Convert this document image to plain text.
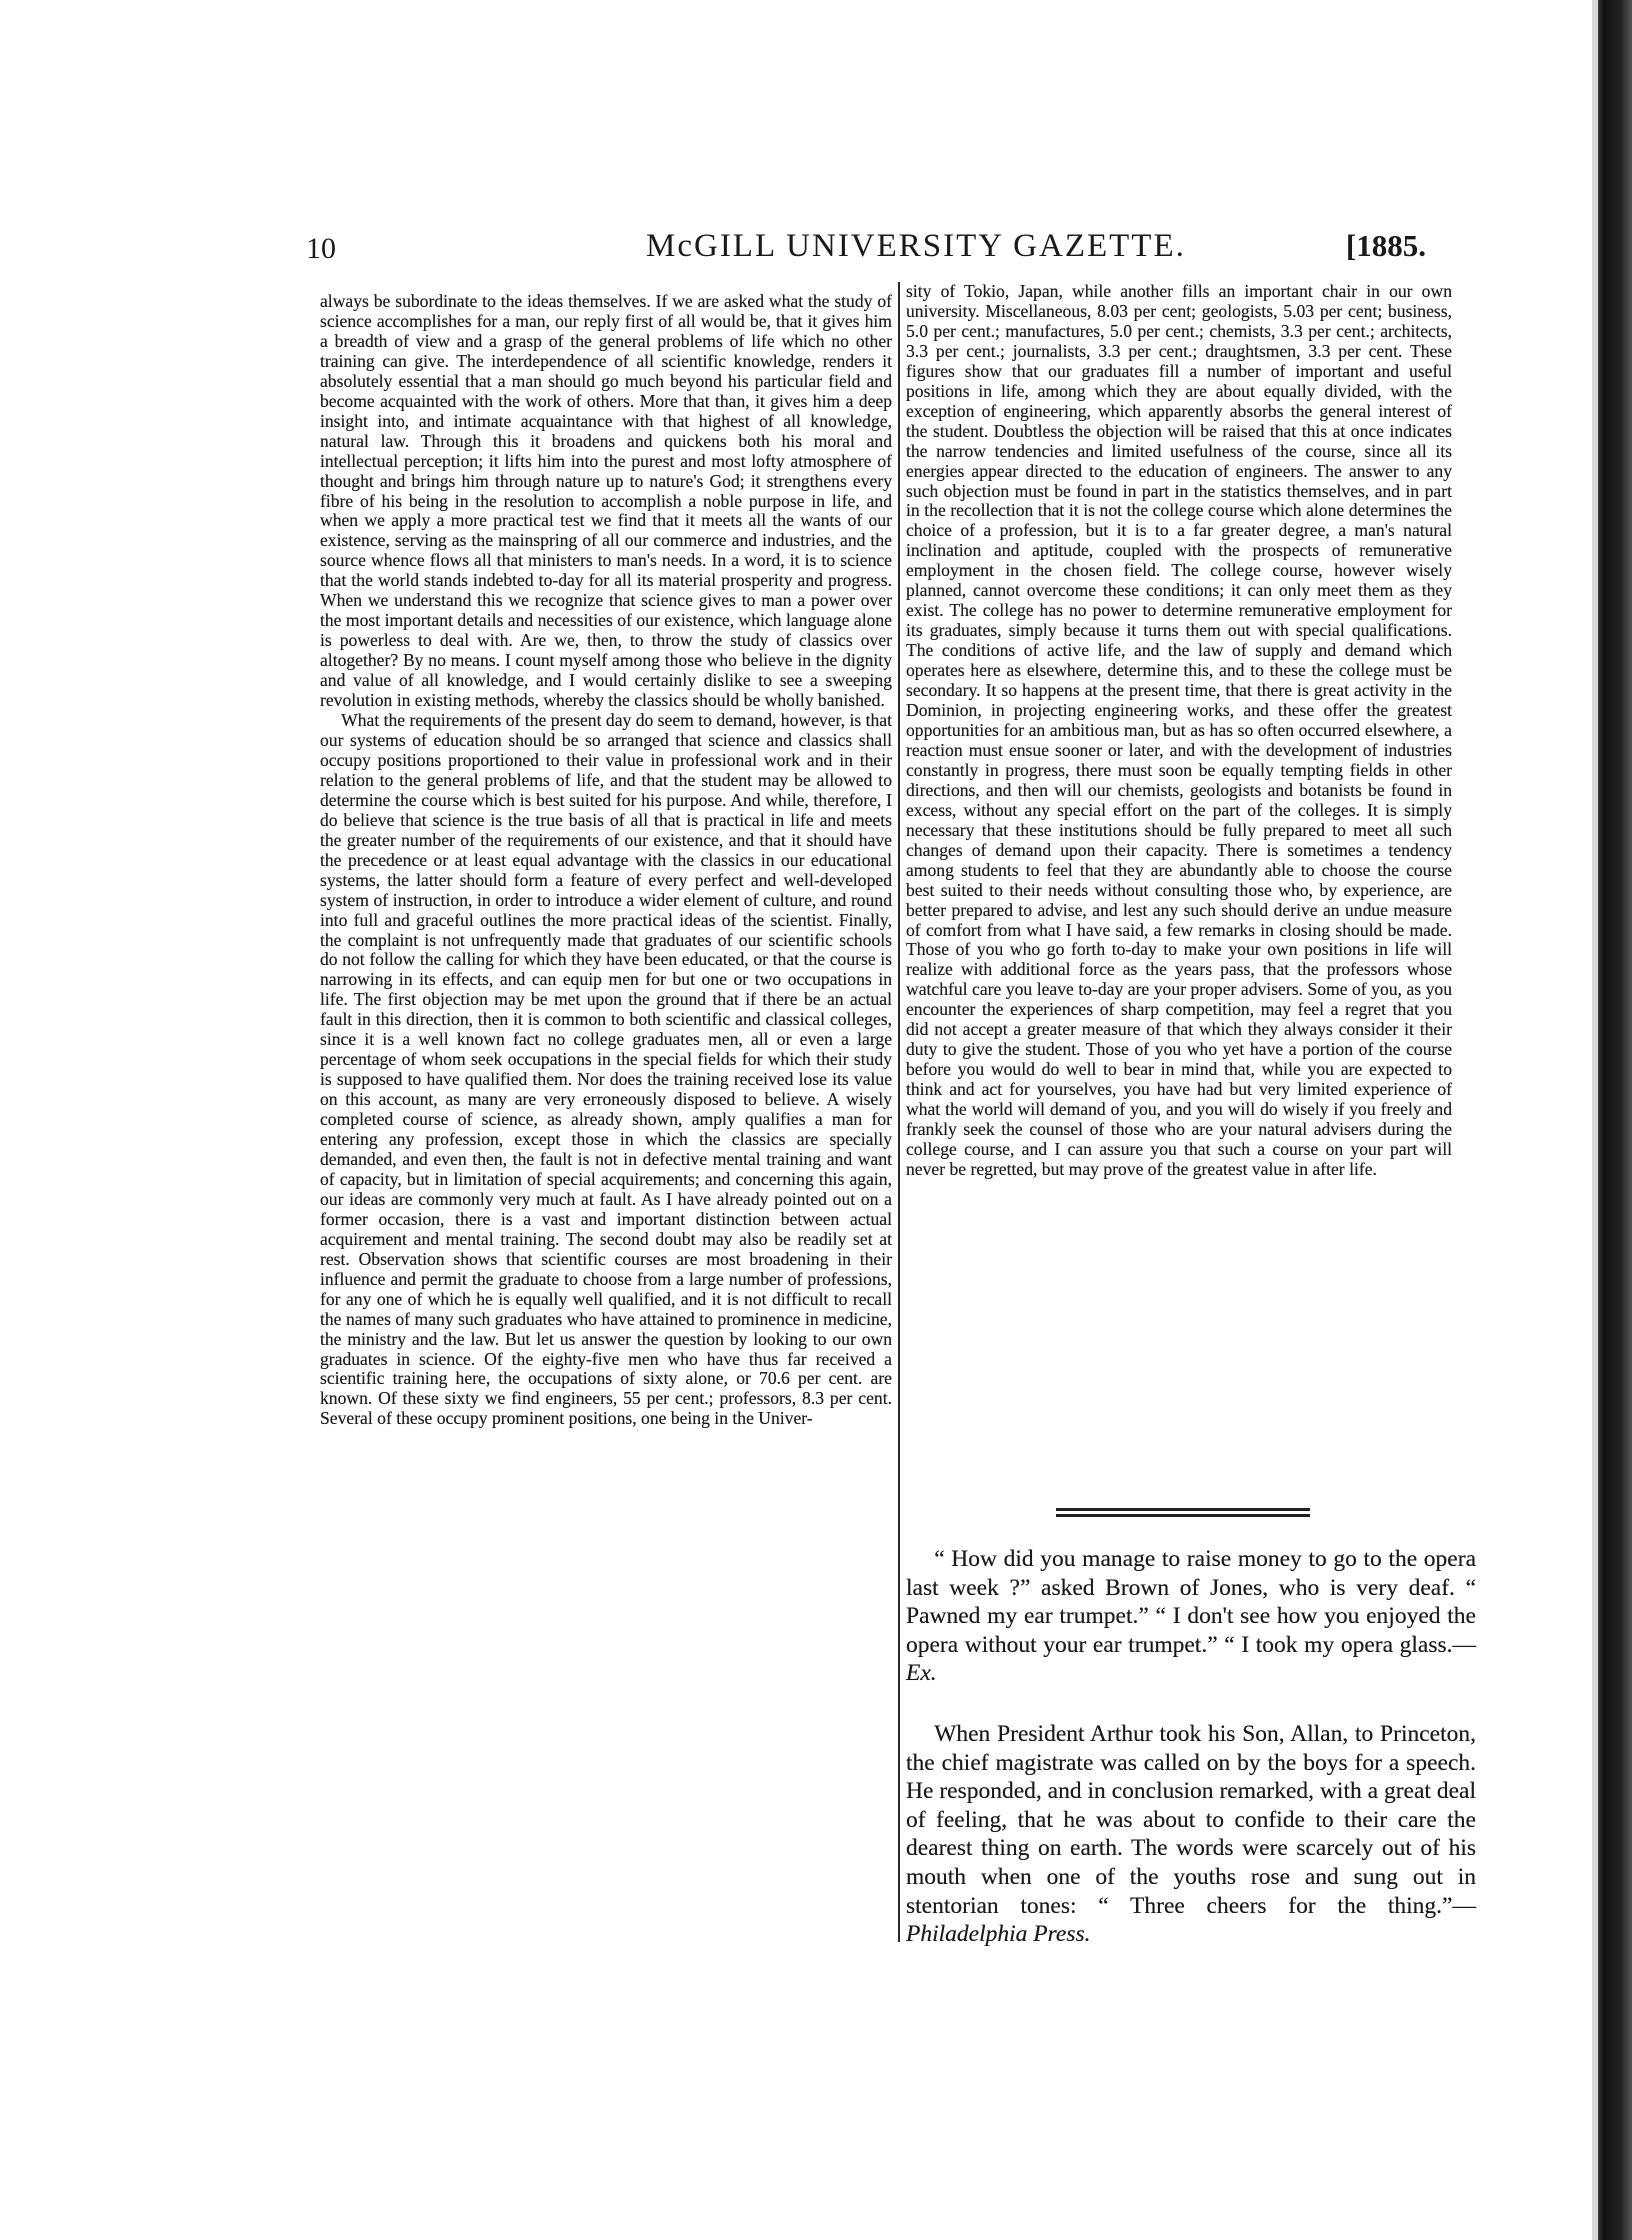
10	McGILL UNIVERSITY GAZETTE.	[1885.

always be subordinate to the ideas themselves. If we are asked what the study of science accomplishes for a man, our reply first of all would be, that it gives him a breadth of view and a grasp of the general problems of life which no other training can give. The interdependence of all scientific knowledge, renders it absolutely essential that a man should go much beyond his particular field and become acquainted with the work of others. More that than, it gives him a deep insight into, and intimate acquaintance with that highest of all knowledge, natural law. Through this it broadens and quickens both his moral and intellectual perception; it lifts him into the purest and most lofty atmosphere of thought and brings him through nature up to nature's God; it strengthens every fibre of his being in the resolution to accomplish a noble purpose in life, and when we apply a more practical test we find that it meets all the wants of our existence, serving as the mainspring of all our commerce and industries, and the source whence flows all that ministers to man's needs. In a word, it is to science that the world stands indebted to-day for all its material prosperity and progress. When we understand this we recognize that science gives to man a power over the most important details and necessities of our existence, which language alone is powerless to deal with. Are we, then, to throw the study of classics over altogether? By no means. I count myself among those who believe in the dignity and value of all knowledge, and I would certainly dislike to see a sweeping revolution in existing methods, whereby the classics should be wholly banished.

What the requirements of the present day do seem to demand, however, is that our systems of education should be so arranged that science and classics shall occupy positions proportioned to their value in professional work and in their relation to the general problems of life, and that the student may be allowed to determine the course which is best suited for his purpose. And while, therefore, I do believe that science is the true basis of all that is practical in life and meets the greater number of the requirements of our existence, and that it should have the precedence or at least equal advantage with the classics in our educational systems, the latter should form a feature of every perfect and well-developed system of instruction, in order to introduce a wider element of culture, and round into full and graceful outlines the more practical ideas of the scientist. Finally, the complaint is not unfrequently made that graduates of our scientific schools do not follow the calling for which they have been educated, or that the course is narrowing in its effects, and can equip men for but one or two occupations in life. The first objection may be met upon the ground that if there be an actual fault in this direction, then it is common to both scientific and classical colleges, since it is a well known fact no college graduates men, all or even a large percentage of whom seek occupations in the special fields for which their study is supposed to have qualified them. Nor does the training received lose its value on this account, as many are very erroneously disposed to believe. A wisely completed course of science, as already shown, amply qualifies a man for entering any profession, except those in which the classics are specially demanded, and even then, the fault is not in defective mental training and want of capacity, but in limitation of special acquirements; and concerning this again, our ideas are commonly very much at fault. As I have already pointed out on a former occasion, there is a vast and important distinction between actual acquirement and mental training. The second doubt may also be readily set at rest. Observation shows that scientific courses are most broadening in their influence and permit the graduate to choose from a large number of professions, for any one of which he is equally well qualified, and it is not difficult to recall the names of many such graduates who have attained to prominence in medicine, the ministry and the law. But let us answer the question by looking to our own graduates in science. Of the eighty-five men who have thus far received a scientific training here, the occupations of sixty alone, or 70.6 per cent. are known. Of these sixty we find engineers, 55 per cent.; professors, 8.3 per cent. Several of these occupy prominent positions, one being in the Univer-

sity of Tokio, Japan, while another fills an important chair in our own university. Miscellaneous, 8.03 per cent; geologists, 5.03 per cent; business, 5.0 per cent.; manufactures, 5.0 per cent.; chemists, 3.3 per cent.; architects, 3.3 per cent.; journalists, 3.3 per cent.; draughtsmen, 3.3 per cent. These figures show that our graduates fill a number of important and useful positions in life, among which they are about equally divided, with the exception of engineering, which apparently absorbs the general interest of the student. Doubtless the objection will be raised that this at once indicates the narrow tendencies and limited usefulness of the course, since all its energies appear directed to the education of engineers. The answer to any such objection must be found in part in the statistics themselves, and in part in the recollection that it is not the college course which alone determines the choice of a profession, but it is to a far greater degree, a man's natural inclination and aptitude, coupled with the prospects of remunerative employment in the chosen field. The college course, however wisely planned, cannot overcome these conditions; it can only meet them as they exist. The college has no power to determine remunerative employment for its graduates, simply because it turns them out with special qualifications. The conditions of active life, and the law of supply and demand which operates here as elsewhere, determine this, and to these the college must be secondary. It so happens at the present time, that there is great activity in the Dominion, in projecting engineering works, and these offer the greatest opportunities for an ambitious man, but as has so often occurred elsewhere, a reaction must ensue sooner or later, and with the development of industries constantly in progress, there must soon be equally tempting fields in other directions, and then will our chemists, geologists and botanists be found in excess, without any special effort on the part of the colleges. It is simply necessary that these institutions should be fully prepared to meet all such changes of demand upon their capacity. There is sometimes a tendency among students to feel that they are abundantly able to choose the course best suited to their needs without consulting those who, by experience, are better prepared to advise, and lest any such should derive an undue measure of comfort from what I have said, a few remarks in closing should be made. Those of you who go forth to-day to make your own positions in life will realize with additional force as the years pass, that the professors whose watchful care you leave to-day are your proper advisers. Some of you, as you encounter the experiences of sharp competition, may feel a regret that you did not accept a greater measure of that which they always consider it their duty to give the student. Those of you who yet have a portion of the course before you would do well to bear in mind that, while you are expected to think and act for yourselves, you have had but very limited experience of what the world will demand of you, and you will do wisely if you freely and frankly seek the counsel of those who are your natural advisers during the college course, and I can assure you that such a course on your part will never be regretted, but may prove of the greatest value in after life.

“ How did you manage to raise money to go to the opera last week ?” asked Brown of Jones, who is very deaf. “ Pawned my ear trumpet.” “ I don't see how you enjoyed the opera without your ear trumpet.” “ I took my opera glass.—Ex.

When President Arthur took his Son, Allan, to Princeton, the chief magistrate was called on by the boys for a speech. He responded, and in conclusion remarked, with a great deal of feeling, that he was about to confide to their care the dearest thing on earth. The words were scarcely out of his mouth when one of the youths rose and sung out in stentorian tones: “ Three cheers for the thing.”—Philadelphia Press.
